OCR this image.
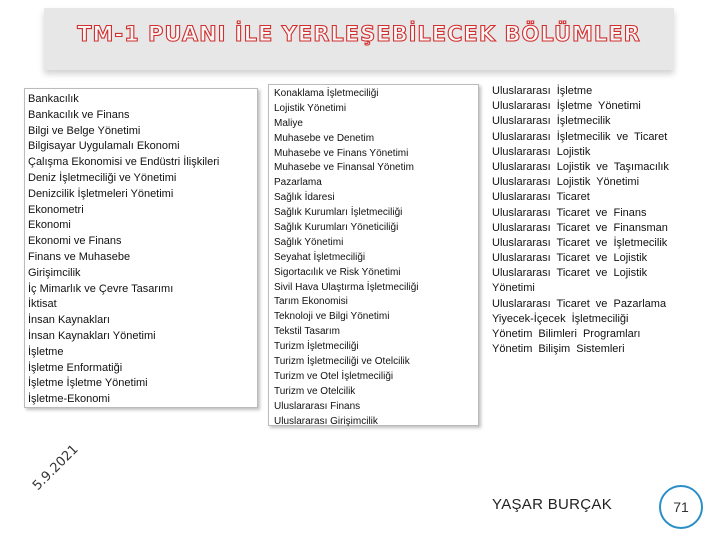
TM-1 PUANI İLE YERLEŞEBİLECEK BÖLÜMLER
Bankacılık
Bankacılık ve Finans
Bilgi ve Belge Yönetimi
Bilgisayar Uygulamalı Ekonomi
Çalışma Ekonomisi ve Endüstri İlişkileri
Deniz İşletmeciliği ve Yönetimi
Denizcilik İşletmeleri Yönetimi
Ekonometri
Ekonomi
Ekonomi ve Finans
Finans ve Muhasebe
Girişimcilik
İç Mimarlık ve Çevre Tasarımı
İktisat
İnsan Kaynakları
İnsan Kaynakları Yönetimi
İşletme
İşletme Enformatiği
İşletme İşletme Yönetimi
İşletme-Ekonomi
Konaklama İşletmeciliği
Lojistik Yönetimi
Maliye
Muhasebe ve Denetim
Muhasebe ve Finans Yönetimi
Muhasebe ve Finansal Yönetim
Pazarlama
Sağlık İdaresi
Sağlık Kurumları İşletmeciliği
Sağlık Kurumları Yöneticiliği
Sağlık Yönetimi
Seyahat İşletmeciliği
Sigortacılık ve Risk Yönetimi
Sivil Hava Ulaştırma İşletmeciliği
Tarım Ekonomisi
Teknoloji ve Bilgi Yönetimi
Tekstil Tasarım
Turizm İşletmeciliği
Turizm İşletmeciliği ve Otelcilik
Turizm ve Otel İşletmeciliği
Turizm ve Otelcilik
Uluslararası Finans
Uluslararası Girişimcilik
Uluslararası İşletme
Uluslararası İşletme Yönetimi
Uluslararası İşletmecilik
Uluslararası İşletmecilik ve Ticaret
Uluslararası Lojistik
Uluslararası Lojistik ve Taşımacılık
Uluslararası Lojistik Yönetimi
Uluslararası Ticaret
Uluslararası Ticaret ve Finans
Uluslararası Ticaret ve Finansman
Uluslararası Ticaret ve İşletmecilik
Uluslararası Ticaret ve Lojistik
Uluslararası Ticaret ve Lojistik
Yönetimi
Uluslararası Ticaret ve Pazarlama
Yiyecek-İçecek İşletmeciliği
Yönetim Bilimleri Programları
Yönetim Bilişim Sistemleri
5.9.2021
YAŞAR BURÇAK	71
